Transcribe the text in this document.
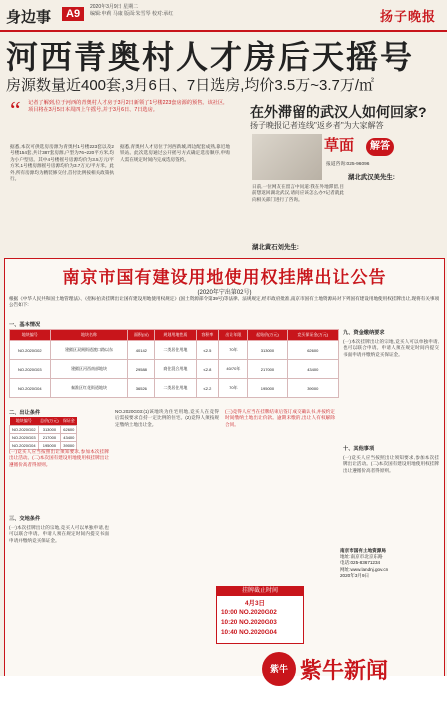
身边事	A9
2020年3月9日 星期二
编辑:申莉 马康 版面:朱雪琴 校对:承红	扬子晚报
河西青奥村人才房后天摇号
房源数量近400套,3月6日、7日选房,均价3.5万~3.7万/㎡
“ 记者了解到,位于河西的青奥村人才房于3月2日新领了1号楼223套房源的预售。该社区,项目将在3月5日本周四上午摇号,并于3月6日、7日选房。
据悉,本次可供选房房源为青奥村1号楼223套以及2号楼154套,共计387套房源,户型为76~220平方米,均为小户型房。其中4号楼摇号房源均价为3.5万元/平方米,1号楼房源摇号房源均价为3.7万元/平方米。此外,所有房源均为精装修交付,首付比例按相关政策执行。
据悉,青奥村人才房位于河西新城,周边配套成熟,靠近地铁站。此次选房通过公开摇号方式确定选房顺序,申购人需在规定时间内完成选房签约。
在外滞留的武汉人如何回家?
扬子晚报记者连线"返乡者"为大家解答
草面	解答
报道咨询:025-96096
湖北武汉美先生:
日前,一位网友在留言中问道:我在外地滞留,目前想返回湖北武汉,请问应该怎么办?记者就此向相关部门进行了咨询。
湖北黄石刘先生:
南京市国有建设用地使用权挂牌出让公告
(2020年宁出第02号)
根据《中华人民共和国土地管理法》、《招标拍卖挂牌出让国有建设用地使用权规定》(国土资源部令第39号)等法律、法规规定,经市政府批准,南京市国有土地资源局对下列国有建设用地使用权挂牌出让,现将有关事项公告如下:
一、基本情况
地块编号	地块名称	面积(㎡)	规划用地性质	容积率	出让年限	起始价(万元)	竞买保证金(万元)
NO.2020G02	建邺区双闸街道渡口路以东	40142	二类居住用地	≤2.5	70年	313000	62600
NO.2020G03	建邺区河西南部地块	29588	商住混合用地	≤2.8	40/70年	217000	43400
NO.2020G04	秦淮区红花街道地块	36526	二类居住用地	≤2.2	70年	195000	39000
二、出让条件
地块编号	总价(万元)	保证金
NO.2020G02	313000	62600
NO.2020G03	217000	43400
NO.2020G04	195000	39000
(一)竞买人应当按照出让须知要求,参加本次挂牌出让活动。(二)本次国有建设用地使用权挂牌出让遵循价高者得原则。
三、交地条件
(一)本次挂牌出让的宗地,竞买人可以单独申请,也可以联合申请。申请人须在规定时间内提交书面申请并缴纳竞买保证金。
NO.2020G03:(1)该地块为住宅用地,竞买人在竞得后需按要求自持一定比例的住宅。(2)竞得人须按规定缴纳土地出让金。
(三)竞得人应当在挂牌结束后签订成交确认书,并按约定时间缴纳土地出让价款。逾期未缴的,出让人有权解除合同。
九、资金缴纳要求
(一)本次挂牌出让的宗地,竞买人可以单独申请,也可以联合申请。申请人须在规定时间内提交书面申请并缴纳竞买保证金。
十、其他事项
(一)竞买人应当按照出让须知要求,参加本次挂牌出让活动。(二)本次国有建设用地使用权挂牌出让遵循价高者得原则。
挂牌截止时间
4月3日
10:00 NO.2020G02
10:20 NO.2020G03
10:40 NO.2020G04
南京市国有土地资源局
地址:南京市北京东路
电话:025-83671234
网址:www.landnj.gov.cn
2020年3月9日
紫牛 紫牛新闻
